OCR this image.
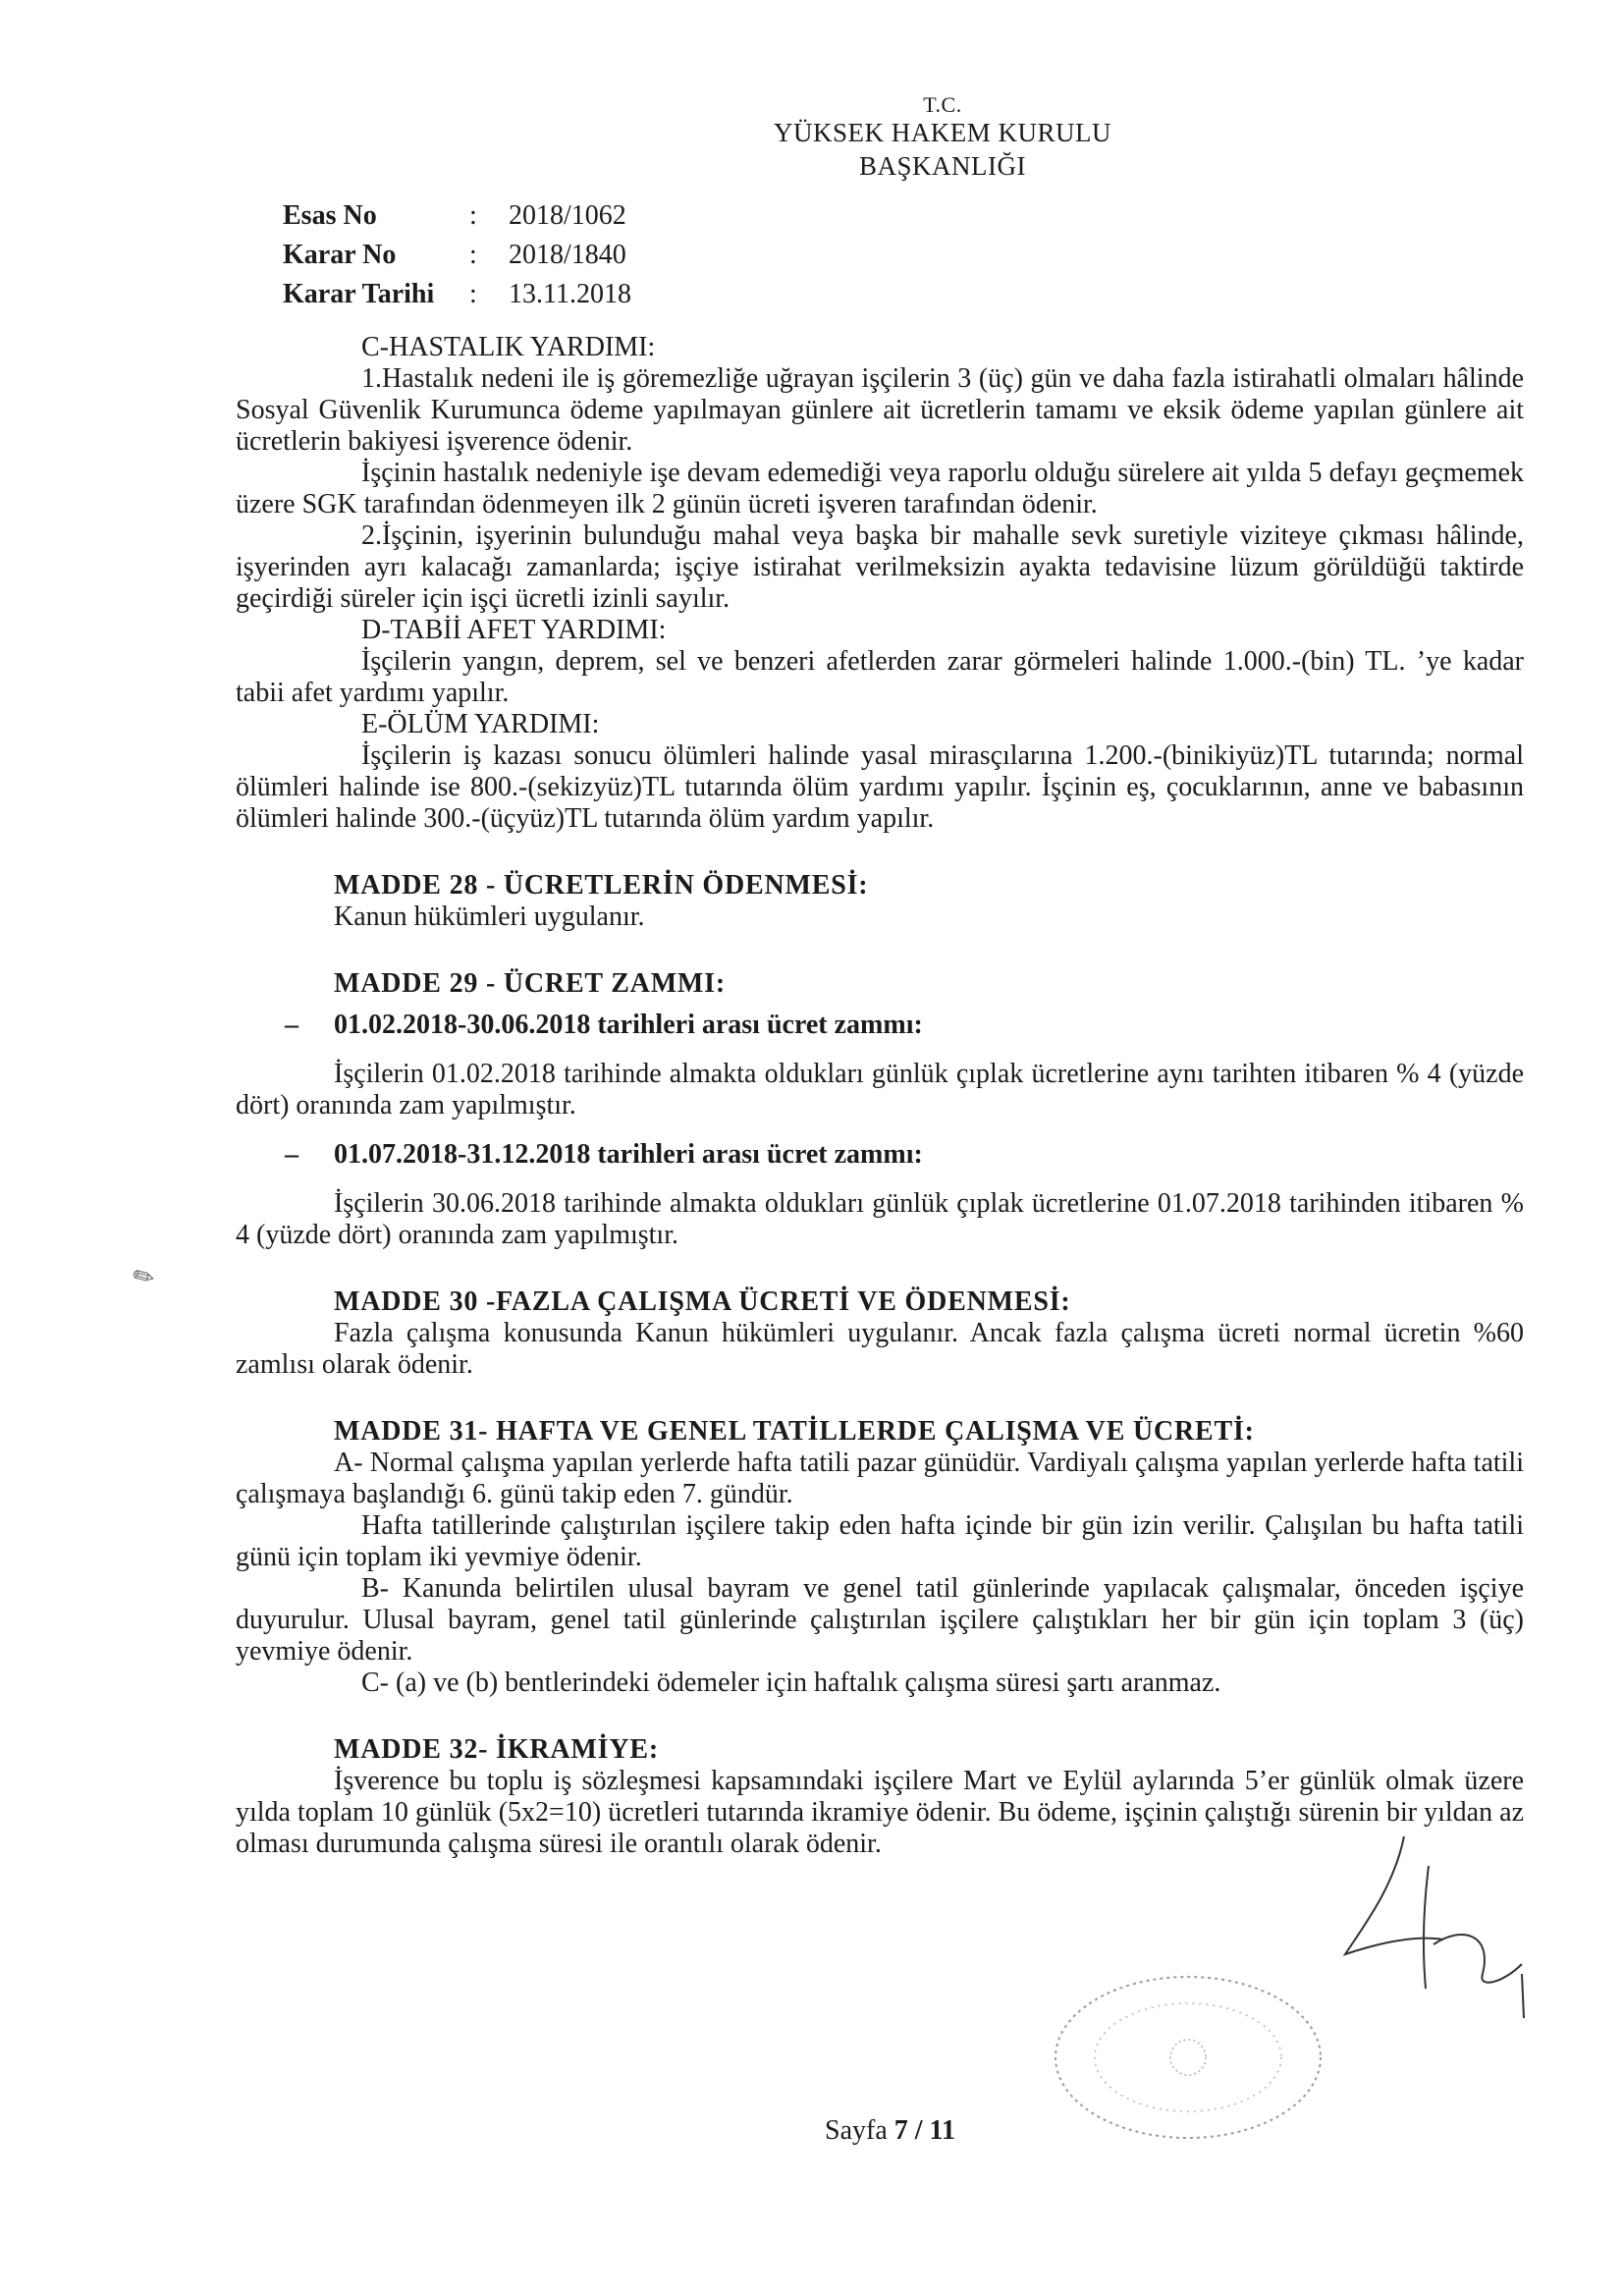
T.C.
YÜKSEK HAKEM KURULU
BAŞKANLIĞI
Esas No	:	2018/1062
Karar No	:	2018/1840
Karar Tarihi	:	13.11.2018
C-HASTALIK YARDIMI:

1.Hastalık nedeni ile iş göremezliğe uğrayan işçilerin 3 (üç) gün ve daha fazla istirahatli olmaları hâlinde Sosyal Güvenlik Kurumunca ödeme yapılmayan günlere ait ücretlerin tamamı ve eksik ödeme yapılan günlere ait ücretlerin bakiyesi işverence ödenir.

İşçinin hastalık nedeniyle işe devam edemediği veya raporlu olduğu sürelere ait yılda 5 defayı geçmemek üzere SGK tarafından ödenmeyen ilk 2 günün ücreti işveren tarafından ödenir.

2.İşçinin, işyerinin bulunduğu mahal veya başka bir mahalle sevk suretiyle viziteye çıkması hâlinde, işyerinden ayrı kalacağı zamanlarda; işçiye istirahat verilmeksizin ayakta tedavisine lüzum görüldüğü taktirde geçirdiği süreler için işçi ücretli izinli sayılır.

D-TABİİ AFET YARDIMI:

İşçilerin yangın, deprem, sel ve benzeri afetlerden zarar görmeleri halinde 1.000.-(bin) TL. ’ye kadar tabii afet yardımı yapılır.

E-ÖLÜM YARDIMI:

İşçilerin iş kazası sonucu ölümleri halinde yasal mirasçılarına 1.200.-(binikiyüz)TL tutarında; normal ölümleri halinde ise 800.-(sekizyüz)TL tutarında ölüm yardımı yapılır. İşçinin eş, çocuklarının, anne ve babasının ölümleri halinde 300.-(üçyüz)TL tutarında ölüm yardım yapılır.

MADDE 28 - ÜCRETLERİN ÖDENMESİ:
Kanun hükümleri uygulanır.
MADDE 29 - ÜCRET ZAMMI:
–	01.02.2018-30.06.2018 tarihleri arası ücret zammı:

İşçilerin 01.02.2018 tarihinde almakta oldukları günlük çıplak ücretlerine aynı tarihten itibaren % 4 (yüzde dört) oranında zam yapılmıştır.

–	01.07.2018-31.12.2018 tarihleri arası ücret zammı:

İşçilerin 30.06.2018 tarihinde almakta oldukları günlük çıplak ücretlerine 01.07.2018 tarihinden itibaren % 4 (yüzde dört) oranında zam yapılmıştır.

MADDE 30 -FAZLA ÇALIŞMA ÜCRETİ VE ÖDENMESİ:

Fazla çalışma konusunda Kanun hükümleri uygulanır. Ancak fazla çalışma ücreti normal ücretin %60 zamlısı olarak ödenir.

MADDE 31- HAFTA VE GENEL TATİLLERDE ÇALIŞMA VE ÜCRETİ:

A- Normal çalışma yapılan yerlerde hafta tatili pazar günüdür. Vardiyalı çalışma yapılan yerlerde hafta tatili çalışmaya başlandığı 6. günü takip eden 7. gündür.

Hafta tatillerinde çalıştırılan işçilere takip eden hafta içinde bir gün izin verilir. Çalışılan bu hafta tatili günü için toplam iki yevmiye ödenir.

B- Kanunda belirtilen ulusal bayram ve genel tatil günlerinde yapılacak çalışmalar, önceden işçiye duyurulur. Ulusal bayram, genel tatil günlerinde çalıştırılan işçilere çalıştıkları her bir gün için toplam 3 (üç) yevmiye ödenir.

C- (a) ve (b) bentlerindeki ödemeler için haftalık çalışma süresi şartı aranmaz.

MADDE 32- İKRAMİYE:

İşverence bu toplu iş sözleşmesi kapsamındaki işçilere Mart ve Eylül aylarında 5’er günlük olmak üzere yılda toplam 10 günlük (5x2=10) ücretleri tutarında ikramiye ödenir. Bu ödeme, işçinin çalıştığı sürenin bir yıldan az olması durumunda çalışma süresi ile orantılı olarak ödenir.

✎
Sayfa 7 / 11
